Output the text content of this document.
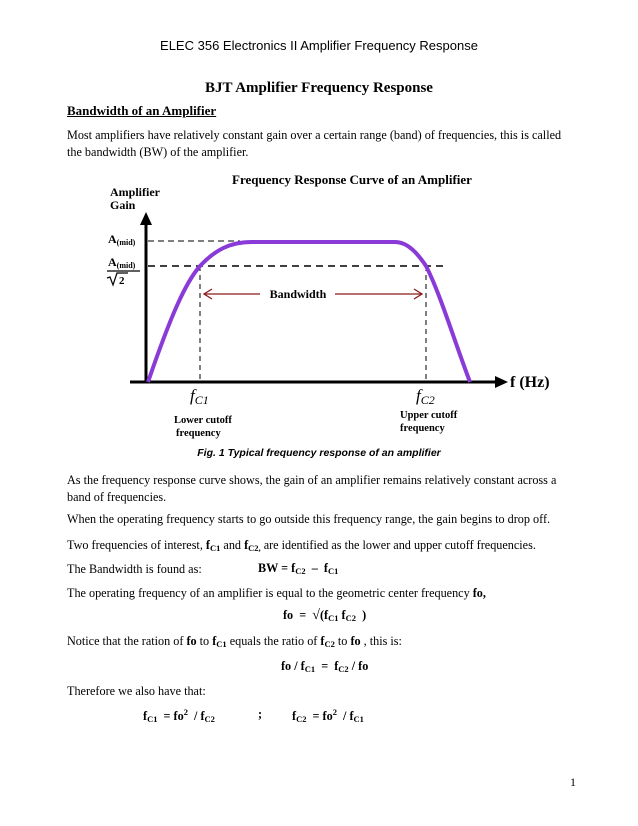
ELEC 356 Electronics II Amplifier Frequency Response
BJT Amplifier Frequency Response
Bandwidth of an Amplifier
Most amplifiers have relatively constant gain over a certain range (band) of frequencies, this is called the bandwidth (BW) of the amplifier.
Frequency Response Curve of an Amplifier
Amplifier
Gain
A(mid)
A(mid)
2
Bandwidth
fC1	fC2
f (Hz)
Lower cutoff
frequency
Upper cutoff
frequency
Fig. 1 Typical frequency response of an amplifier
As the frequency response curve shows, the gain of an amplifier remains relatively constant across a band of frequencies.
When the operating frequency starts to go outside this frequency range, the gain begins to drop off.
Two frequencies of interest, $f_{C1}$ and $f_{C2,}$ are identified as the lower and upper cutoff frequencies.
The Bandwidth is found as:	BW = $f_{C2} - f_{C1}$
The operating frequency of an amplifier is equal to the geometric center frequency fo,
fo = $√(f_{C1}$ $f_{C2}$ )
Notice that the ration of fo to $f_{C1}$ equals the ratio of $f_{C2}$ to fo , this is:
fo / $f_{C1} = f_{C2}$ / fo
Therefore we also have that:
$f_{C1} = fo^2 / f_{C2}$	; $f_{C2} = fo^2 / f_{C1}$
1
